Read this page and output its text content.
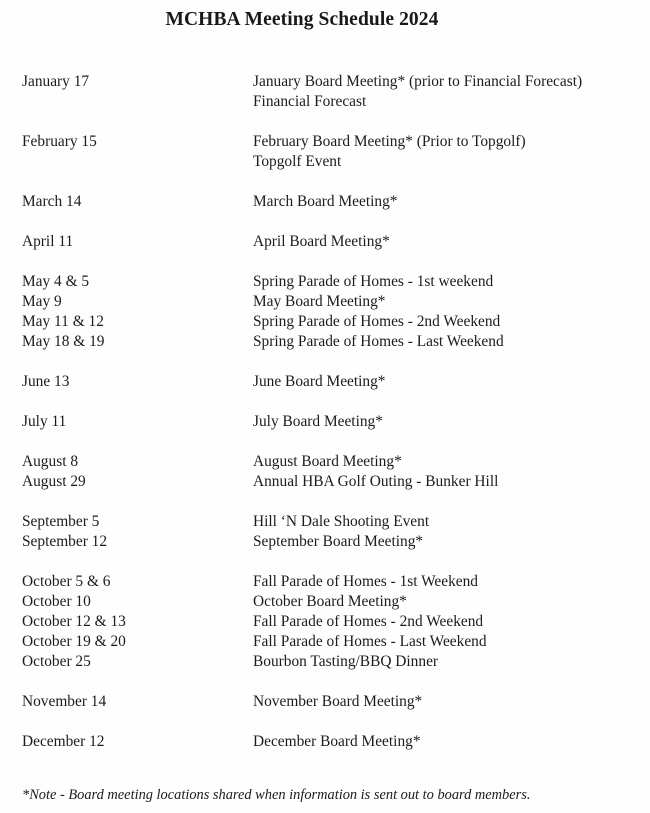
MCHBA Meeting Schedule 2024
January 17	January Board Meeting* (prior to Financial Forecast)
Financial Forecast
February 15	February Board Meeting* (Prior to Topgolf)
Topgolf Event
March 14	March Board Meeting*
April 11	April Board Meeting*
May 4 & 5	Spring Parade of Homes - 1st weekend
May 9	May Board Meeting*
May 11 & 12	Spring Parade of Homes - 2nd Weekend
May 18 & 19	Spring Parade of Homes - Last Weekend
June 13	June Board Meeting*
July 11	July Board Meeting*
August 8	August Board Meeting*
August 29	Annual HBA Golf Outing - Bunker Hill
September 5	Hill ‘N Dale Shooting Event
September 12	September Board Meeting*
October 5 & 6	Fall Parade of Homes - 1st Weekend
October 10	October Board Meeting*
October 12 & 13	Fall Parade of Homes - 2nd Weekend
October 19 & 20	Fall Parade of Homes - Last Weekend
October 25	Bourbon Tasting/BBQ Dinner
November 14	November Board Meeting*
December 12	December Board Meeting*
*Note - Board meeting locations shared when information is sent out to board members.
